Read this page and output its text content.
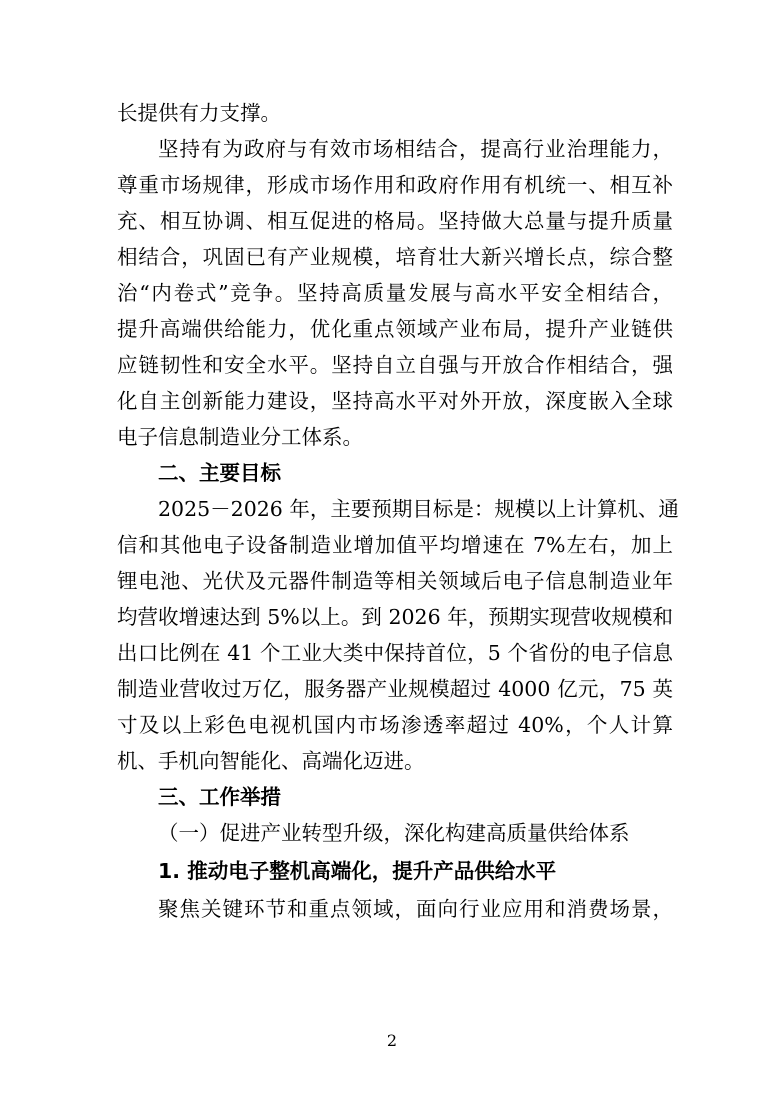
长提供有力支撑。
坚持有为政府与有效市场相结合，提高行业治理能力，
尊重市场规律，形成市场作用和政府作用有机统一、相互补
充、相互协调、相互促进的格局。坚持做大总量与提升质量
相结合，巩固已有产业规模，培育壮大新兴增长点，综合整
治“内卷式”竞争。坚持高质量发展与高水平安全相结合，
提升高端供给能力，优化重点领域产业布局，提升产业链供
应链韧性和安全水平。坚持自立自强与开放合作相结合，强
化自主创新能力建设，坚持高水平对外开放，深度嵌入全球
电子信息制造业分工体系。
二、主要目标
2025－2026 年，主要预期目标是：规模以上计算机、通
信和其他电子设备制造业增加值平均增速在 7%左右，加上
锂电池、光伏及元器件制造等相关领域后电子信息制造业年
均营收增速达到 5%以上。到 2026 年，预期实现营收规模和
出口比例在 41 个工业大类中保持首位，5 个省份的电子信息
制造业营收过万亿，服务器产业规模超过 4000 亿元，75 英
寸及以上彩色电视机国内市场渗透率超过 40%，个人计算
机、手机向智能化、高端化迈进。
三、工作举措
（一）促进产业转型升级，深化构建高质量供给体系
1. 推动电子整机高端化，提升产品供给水平
聚焦关键环节和重点领域，面向行业应用和消费场景，
2
